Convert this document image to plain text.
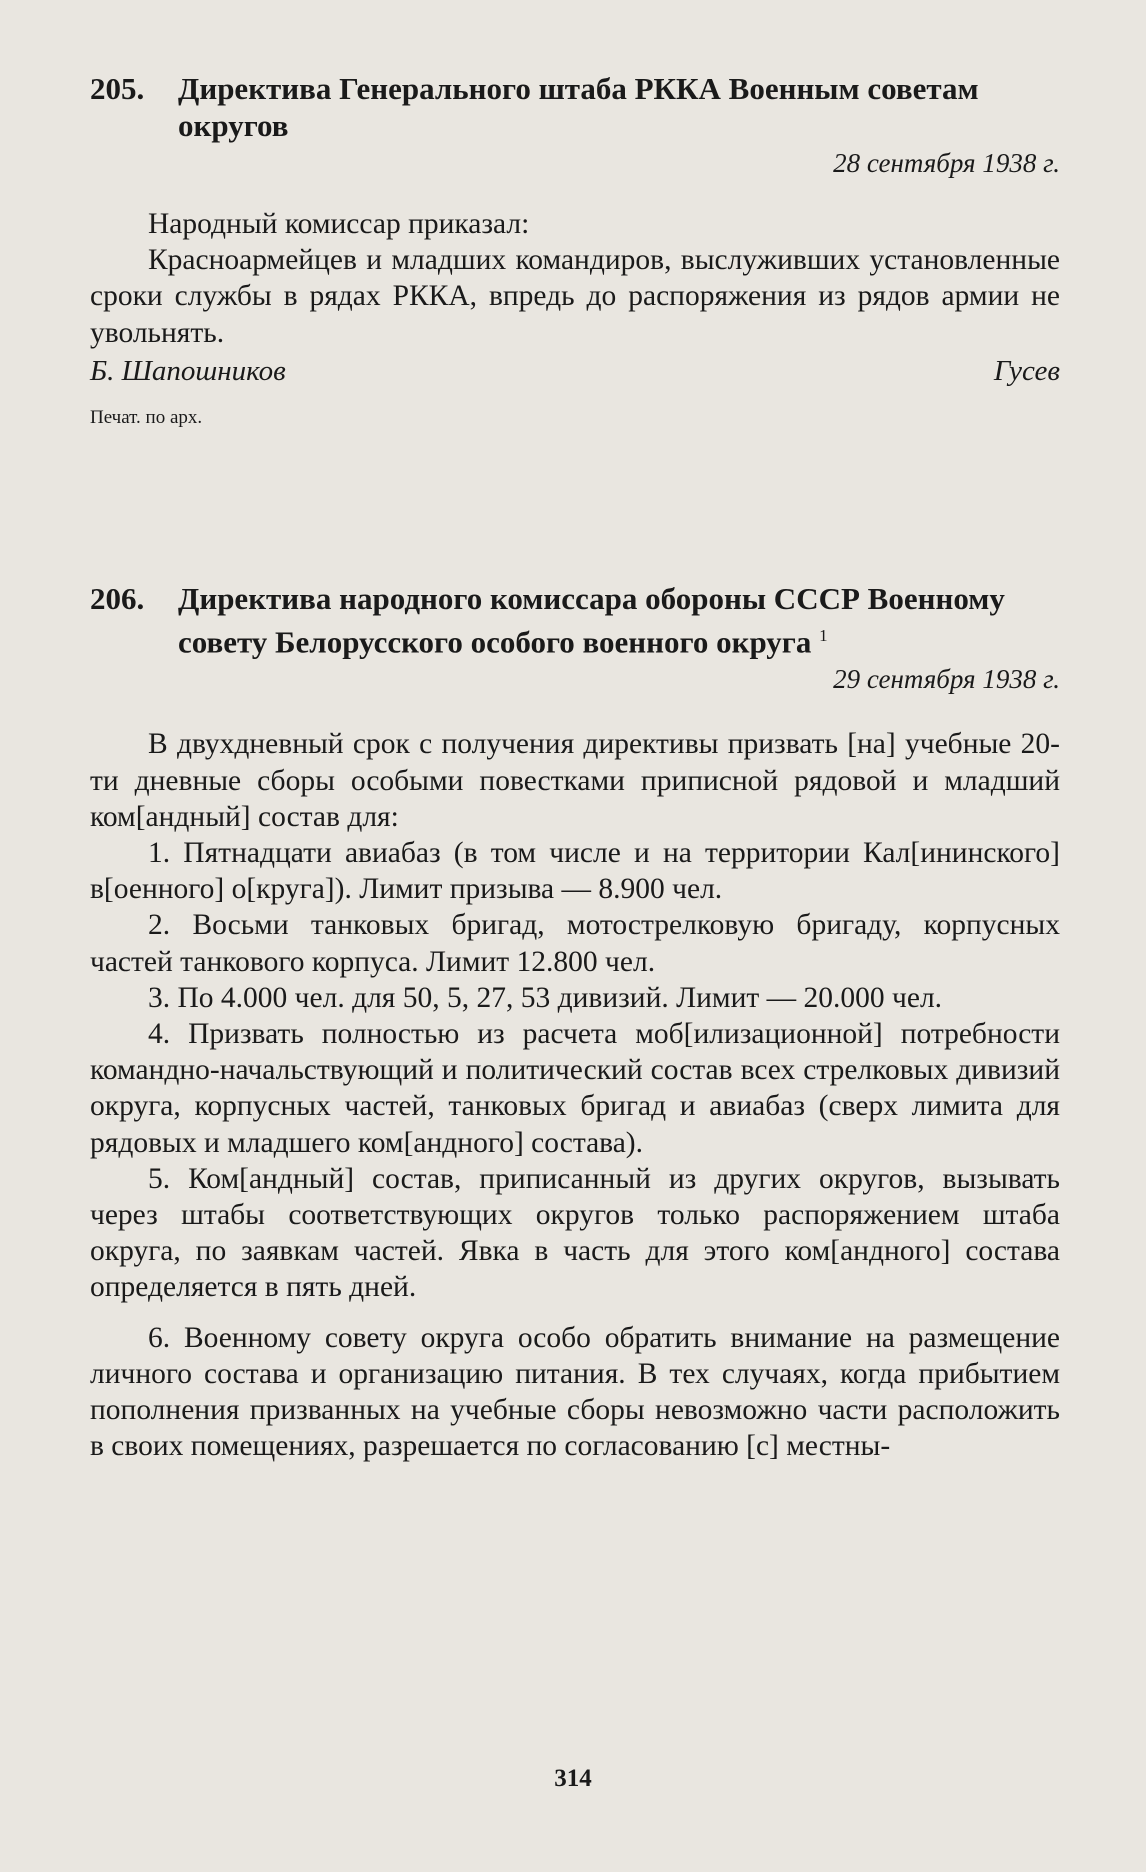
205. Директива Генерального штаба РККА Военным советам округов

28 сентября 1938 г.

Народный комиссар приказал:

Красноармейцев и младших командиров, выслуживших установленные сроки службы в рядах РККА, впредь до распоряжения из рядов армии не увольнять.

Б. Шапошников	Гусев

Печат. по арх.

206. Директива народного комиссара обороны СССР Военному совету Белорусского особого военного округа $^1$

29 сентября 1938 г.

В двухдневный срок с получения директивы призвать [на] учебные 20-ти дневные сборы особыми повестками приписной рядовой и младший ком[андный] состав для:

1. Пятнадцати авиабаз (в том числе и на территории Кал[ининского] в[оенного] о[круга]). Лимит призыва — 8.900 чел.

2. Восьми танковых бригад, мотострелковую бригаду, корпусных частей танкового корпуса. Лимит 12.800 чел.

3. По 4.000 чел. для 50, 5, 27, 53 дивизий. Лимит — 20.000 чел.

4. Призвать полностью из расчета моб[илизационной] потребности командно-начальствующий и политический состав всех стрелковых дивизий округа, корпусных частей, танковых бригад и авиабаз (сверх лимита для рядовых и младшего ком[андного] состава).

5. Ком[андный] состав, приписанный из других округов, вызывать через штабы соответствующих округов только распоряжением штаба округа, по заявкам частей. Явка в часть для этого ком[андного] состава определяется в пять дней.

6. Военному совету округа особо обратить внимание на размещение личного состава и организацию питания. В тех случаях, когда прибытием пополнения призванных на учебные сборы невозможно части расположить в своих помещениях, разрешается по согласованию [с] местны-

314
